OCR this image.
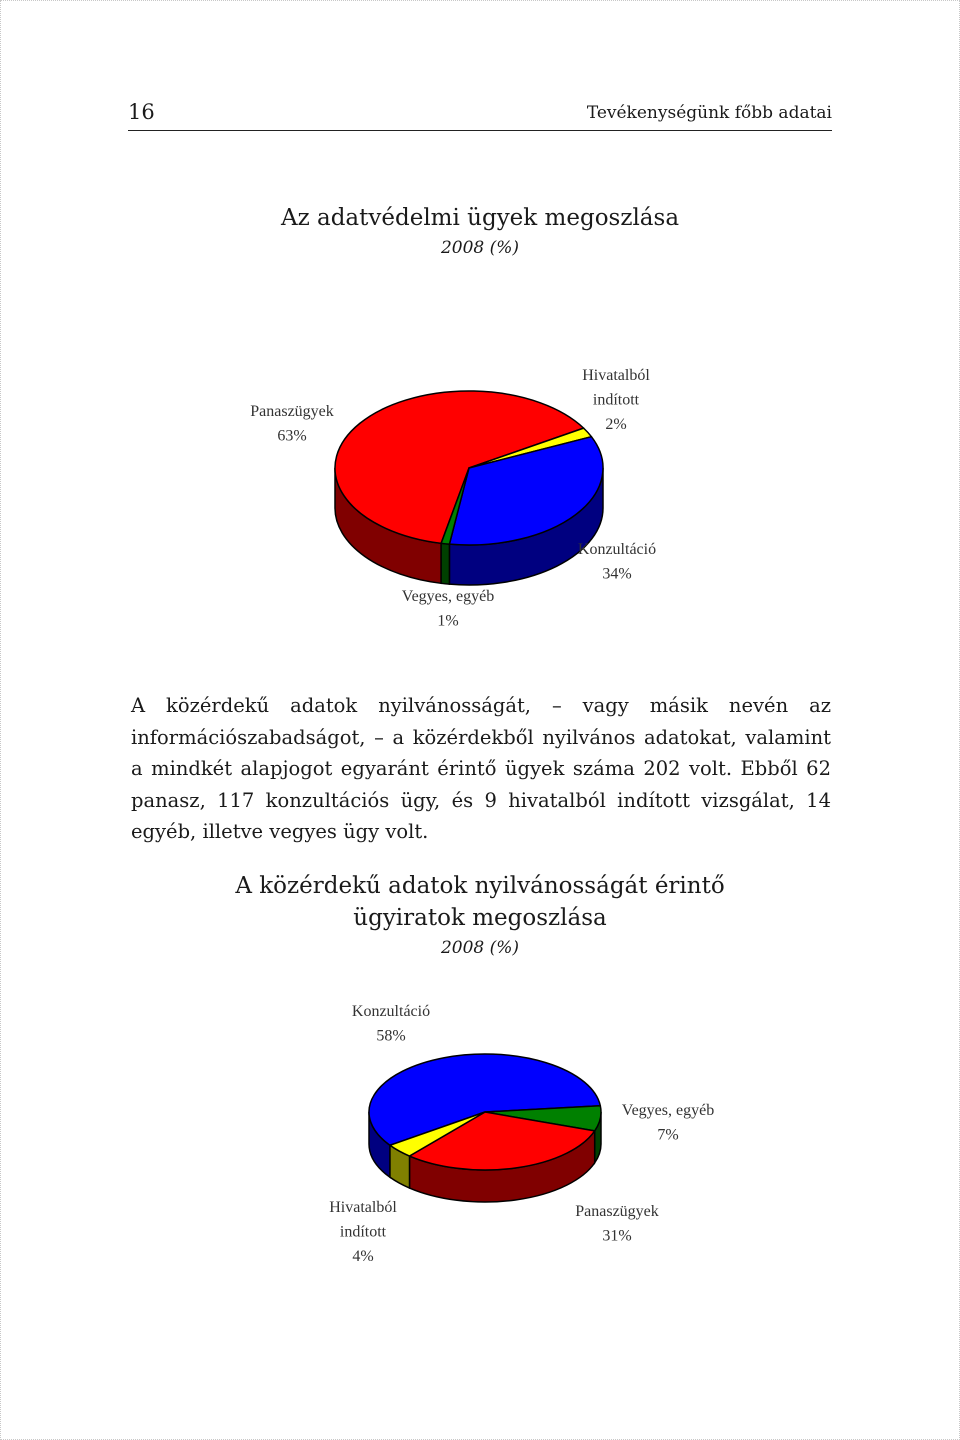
16	Tevékenységünk főbb adatai
Az adatvédelmi ügyek megoszlása
2008 (%)
Panaszügyek 63%
Hivatalból indított 2%
Konzultáció 34%
Vegyes, egyéb 1%

A közérdekű adatok nyilvánosságát, – vagy másik nevén az információszabadságot, – a közérdekből nyilvános adatokat, valamint a mindkét alapjogot egyaránt érintő ügyek száma 202 volt. Ebből 62 panasz, 117 konzultációs ügy, és 9 hivatalból indított vizsgálat, 14 egyéb, illetve vegyes ügy volt.

A közérdekű adatok nyilvánosságát érintő
ügyiratok megoszlása
2008 (%)
Konzultáció 58%
Vegyes, egyéb 7%
Panaszügyek 31%
Hivatalból indított 4%
